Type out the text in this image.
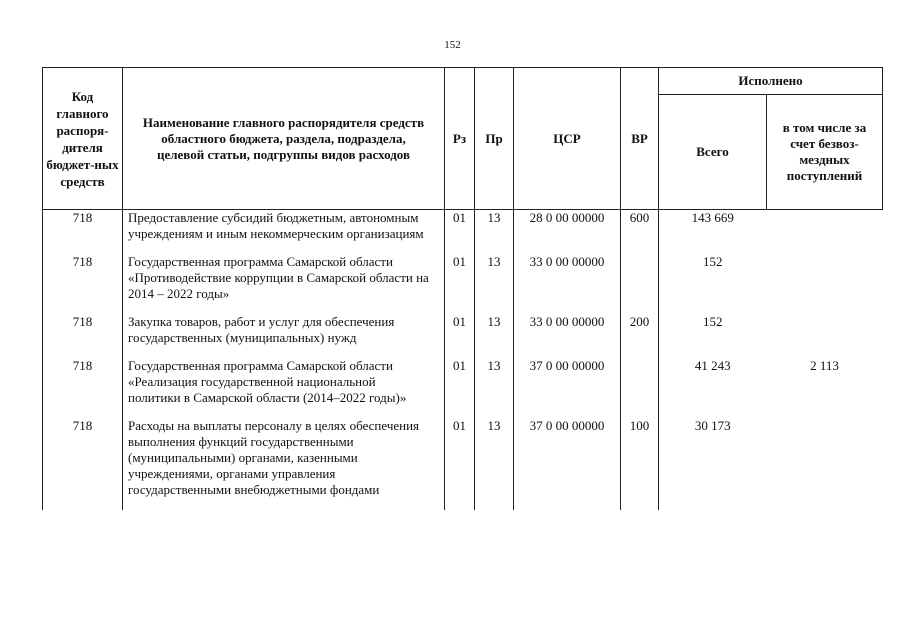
152
Код главного распоря-дителя бюджет-ных средств	Наименование главного распорядителя средств областного бюджета, раздела, подраздела, целевой статьи, подгруппы видов расходов	Рз	Пр	ЦСР	ВР	Исполнено	
						Всего	в том числе за счет безвоз-мездных поступлений
718	Предоставление субсидий бюджетным, автономным учреждениям и иным некоммерческим организациям	01	13	28 0 00 00000	600	143 669	
718	Государственная программа Самарской области «Противодействие коррупции в Самарской области на 2014 – 2022 годы»	01	13	33 0 00 00000		152	
718	Закупка товаров, работ и услуг для обеспечения государственных (муниципальных) нужд	01	13	33 0 00 00000	200	152	
718	Государственная программа Самарской области «Реализация государственной национальной политики в Самарской области (2014–2022 годы)»	01	13	37 0 00 00000		41 243	2 113
718	Расходы на выплаты персоналу в целях обеспечения выполнения функций государственными (муниципальными) органами, казенными учреждениями, органами управления государственными внебюджетными фондами	01	13	37 0 00 00000	100	30 173	
